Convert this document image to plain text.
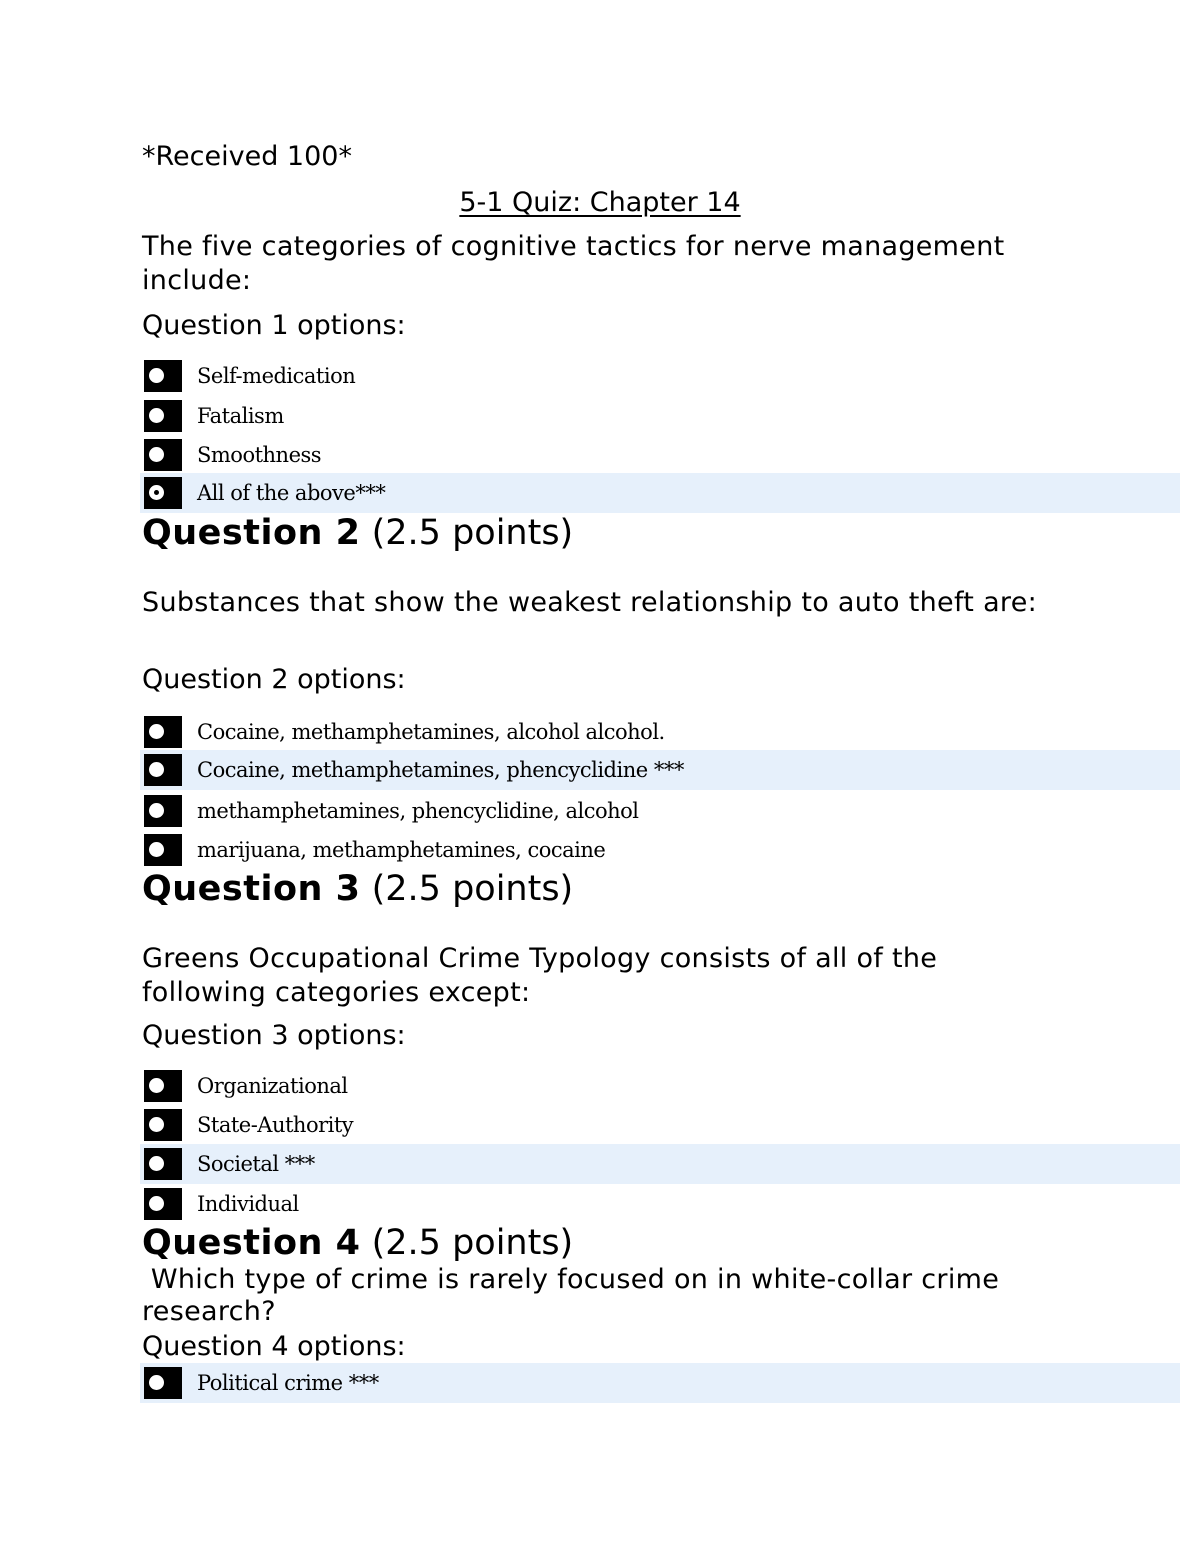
*Received 100*
5-1 Quiz: Chapter 14
The five categories of cognitive tactics for nerve management include:
Question 1 options:
Self-medication
Fatalism
Smoothness
All of the above***
Question 2 (2.5 points)
Substances that show the weakest relationship to auto theft are:
Question 2 options:
Cocaine, methamphetamines, alcohol alcohol.
Cocaine, methamphetamines, phencyclidine ***
methamphetamines, phencyclidine, alcohol
marijuana, methamphetamines, cocaine
Question 3 (2.5 points)
Greens Occupational Crime Typology consists of all of the following categories except:
Question 3 options:
Organizational
State-Authority
Societal ***
Individual
Question 4 (2.5 points)
Which type of crime is rarely focused on in white-collar crime research?
Question 4 options:
Political crime ***
